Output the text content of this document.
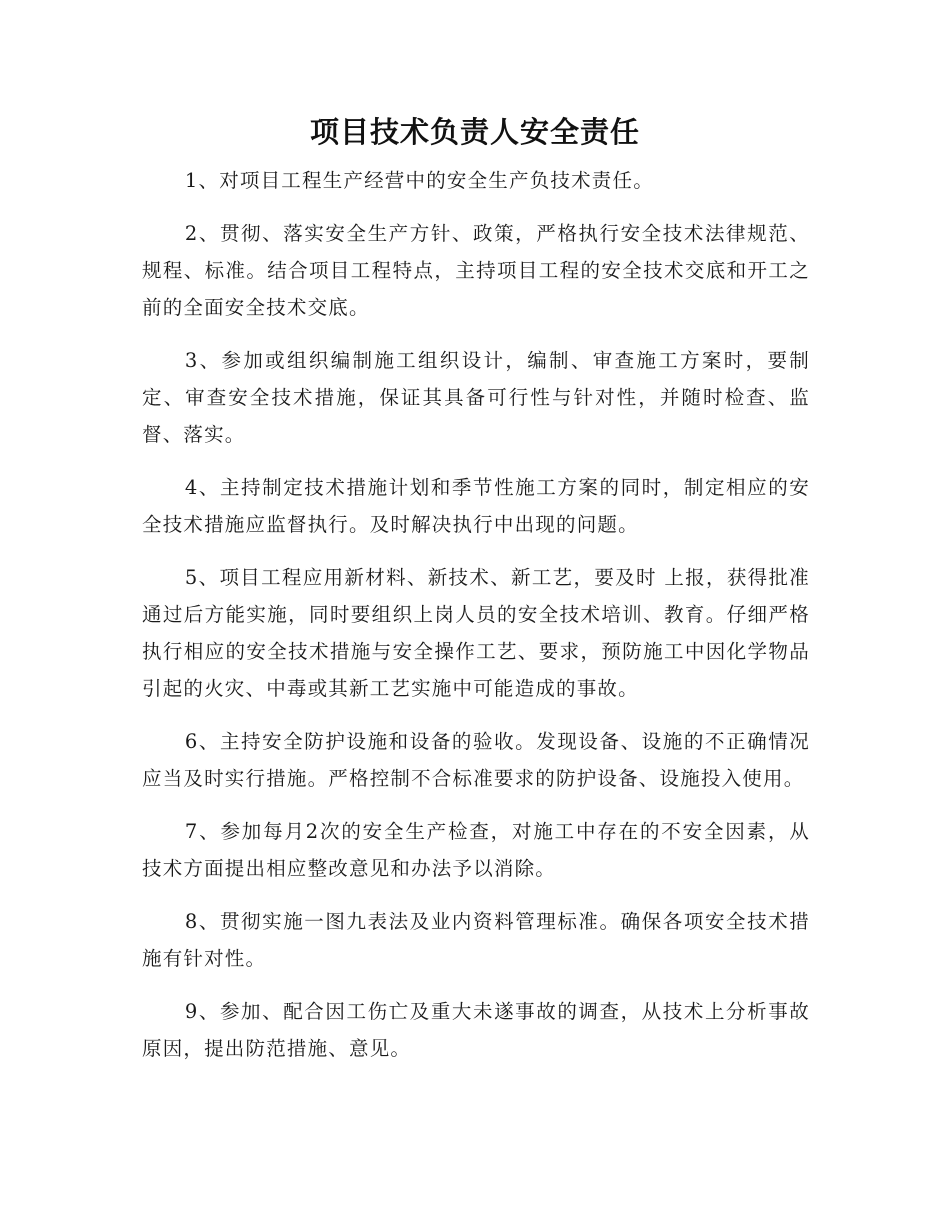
项目技术负责人安全责任

1、对项目工程生产经营中的安全生产负技术责任。

2、贯彻、落实安全生产方针、政策，严格执行安全技术法律规范、规程、标准。结合项目工程特点，主持项目工程的安全技术交底和开工之前的全面安全技术交底。

3、参加或组织编制施工组织设计，编制、审查施工方案时，要制定、审查安全技术措施，保证其具备可行性与针对性，并随时检查、监督、落实。

4、主持制定技术措施计划和季节性施工方案的同时，制定相应的安全技术措施应监督执行。及时解决执行中出现的问题。

5、项目工程应用新材料、新技术、新工艺，要及时 上报，获得批准通过后方能实施，同时要组织上岗人员的安全技术培训、教育。仔细严格执行相应的安全技术措施与安全操作工艺、要求，预防施工中因化学物品引起的火灾、中毒或其新工艺实施中可能造成的事故。

6、主持安全防护设施和设备的验收。发现设备、设施的不正确情况应当及时实行措施。严格控制不合标准要求的防护设备、设施投入使用。

7、参加每月2次的安全生产检查，对施工中存在的不安全因素，从技术方面提出相应整改意见和办法予以消除。

8、贯彻实施一图九表法及业内资料管理标准。确保各项安全技术措施有针对性。

9、参加、配合因工伤亡及重大未遂事故的调查，从技术上分析事故原因，提出防范措施、意见。
